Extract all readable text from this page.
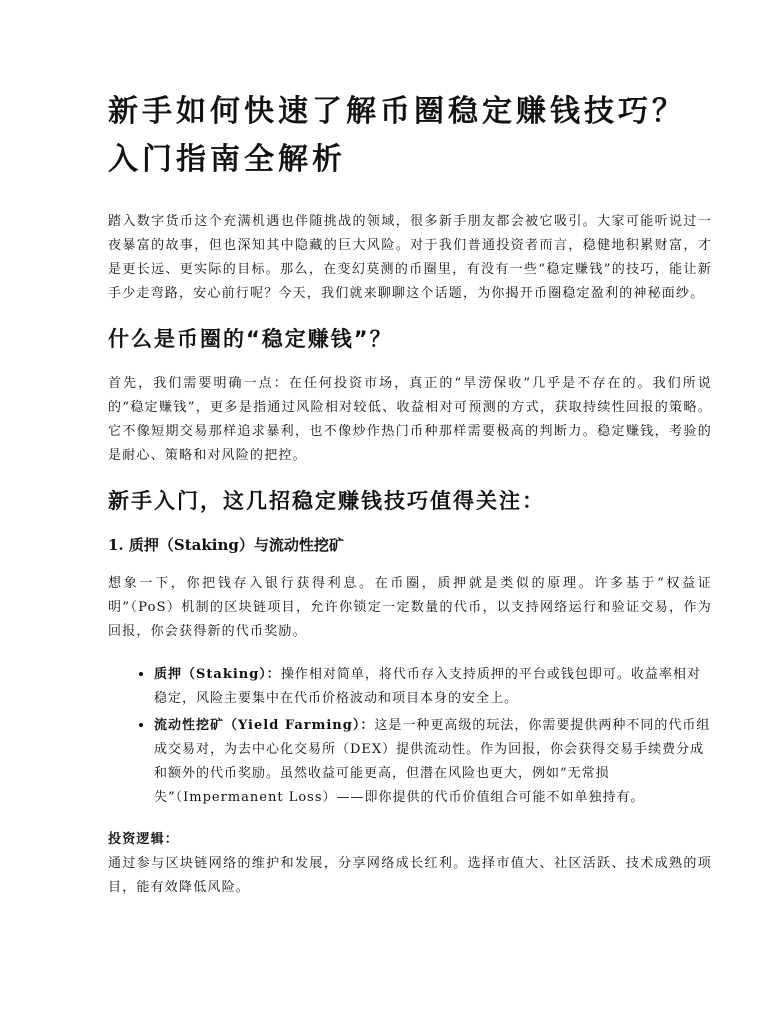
新手如何快速了解币圈稳定赚钱技巧？入门指南全解析

踏入数字货币这个充满机遇也伴随挑战的领域，很多新手朋友都会被它吸引。大家可能听说过一夜暴富的故事，但也深知其中隐藏的巨大风险。对于我们普通投资者而言，稳健地积累财富，才是更长远、更实际的目标。那么，在变幻莫测的币圈里，有没有一些“稳定赚钱”的技巧，能让新手少走弯路，安心前行呢？今天，我们就来聊聊这个话题，为你揭开币圈稳定盈利的神秘面纱。

什么是币圈的“稳定赚钱”？

首先，我们需要明确一点：在任何投资市场，真正的“旱涝保收”几乎是不存在的。我们所说的“稳定赚钱”，更多是指通过风险相对较低、收益相对可预测的方式，获取持续性回报的策略。它不像短期交易那样追求暴利，也不像炒作热门币种那样需要极高的判断力。稳定赚钱，考验的是耐心、策略和对风险的把控。

新手入门，这几招稳定赚钱技巧值得关注：
1. 质押（Staking）与流动性挖矿

想象一下，你把钱存入银行获得利息。在币圈，质押就是类似的原理。许多基于“权益证明”（PoS）机制的区块链项目，允许你锁定一定数量的代币，以支持网络运行和验证交易，作为回报，你会获得新的代币奖励。

• 质押（Staking）：操作相对简单，将代币存入支持质押的平台或钱包即可。收益率相对稳定，风险主要集中在代币价格波动和项目本身的安全上。
• 流动性挖矿（Yield Farming）：这是一种更高级的玩法，你需要提供两种不同的代币组成交易对，为去中心化交易所（DEX）提供流动性。作为回报，你会获得交易手续费分成和额外的代币奖励。虽然收益可能更高，但潜在风险也更大，例如“无常损失”（Impermanent Loss）——即你提供的代币价值组合可能不如单独持有。

投资逻辑：

通过参与区块链网络的维护和发展，分享网络成长红利。选择市值大、社区活跃、技术成熟的项目，能有效降低风险。
